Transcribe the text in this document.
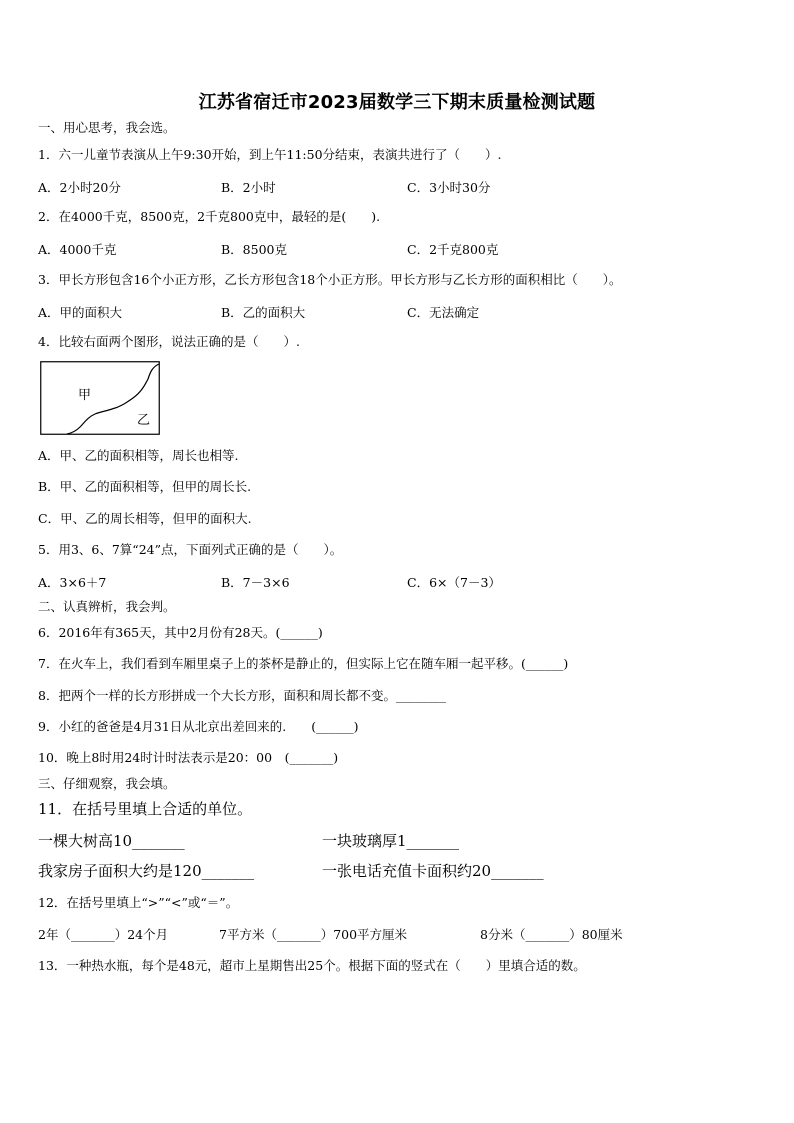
江苏省宿迁市2023届数学三下期末质量检测试题
一、用心思考，我会选。
1．六一儿童节表演从上午9:30开始，到上午11:50分结束，表演共进行了（　　）.
A．2小时20分	B．2小时	C．3小时30分
2．在4000千克，8500克，2千克800克中，最轻的是(　　).
A．4000千克	B．8500克	C．2千克800克
3．甲长方形包含16个小正方形，乙长方形包含18个小正方形。甲长方形与乙长方形的面积相比（　　）。
A．甲的面积大	B．乙的面积大	C．无法确定
4．比较右面两个图形，说法正确的是（　　）.
甲
乙
A．甲、乙的面积相等，周长也相等.
B．甲、乙的面积相等，但甲的周长长.
C．甲、乙的周长相等，但甲的面积大.
5．用3、6、7算“24”点，下面列式正确的是（　　）。
A．3×6＋7	B．7－3×6	C．6×（7－3）
二、认真辨析，我会判。
6．2016年有365天，其中2月份有28天。(______)
7．在火车上，我们看到车厢里桌子上的茶杯是静止的，但实际上它在随车厢一起平移。(______)
8．把两个一样的长方形拼成一个大长方形，面积和周长都不变。________
9．小红的爸爸是4月31日从北京出差回来的.　　(______)
10．晚上8时用24时计时法表示是20：00　(_______)
三、仔细观察，我会填。
11．在括号里填上合适的单位。
一棵大树高10_______	一块玻璃厚1_______
我家房子面积大约是120_______	一张电话充值卡面积约20_______
12．在括号里填上“>”“<”或“＝”。
2年（_______）24个月	7平方米（_______）700平方厘米	8分米（_______）80厘米
13．一种热水瓶，每个是48元，超市上星期售出25个。根据下面的竖式在（　　）里填合适的数。
